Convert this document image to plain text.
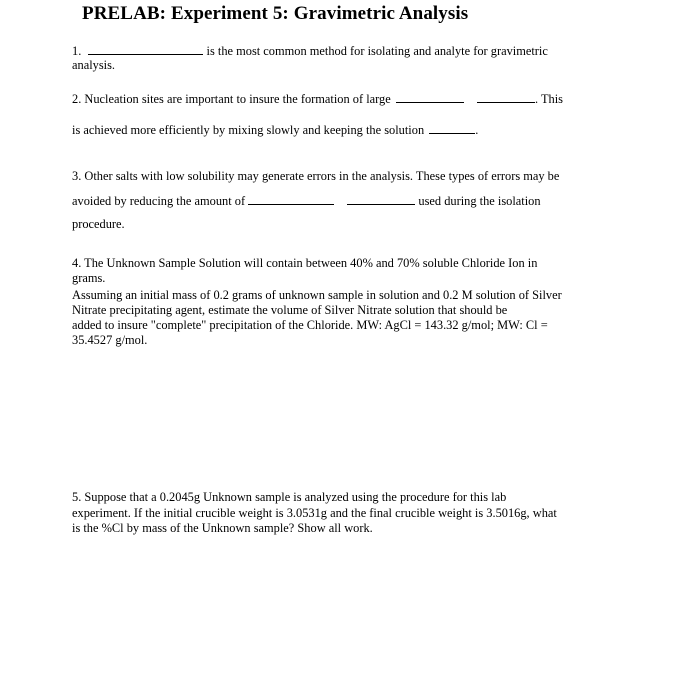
PRELAB: Experiment 5: Gravimetric Analysis
1.	is the most common method for isolating and analyte for gravimetric
analysis.
2. Nucleation sites are important to insure the formation of large	. This
is achieved more efficiently by mixing slowly and keeping the solution	.
3. Other salts with low solubility may generate errors in the analysis. These types of errors may be
avoided by reducing the amount of	used during the isolation
procedure.
4. The Unknown Sample Solution will contain between 40% and 70% soluble Chloride Ion in
grams.
Assuming an initial mass of 0.2 grams of unknown sample in solution and 0.2 M solution of Silver
Nitrate precipitating agent, estimate the volume of Silver Nitrate solution that should be
added to insure "complete" precipitation of the Chloride. MW: AgCl = 143.32 g/mol; MW: Cl =
35.4527 g/mol.
5. Suppose that a 0.2045g Unknown sample is analyzed using the procedure for this lab
experiment. If the initial crucible weight is 3.0531g and the final crucible weight is 3.5016g, what
is the %Cl by mass of the Unknown sample? Show all work.
